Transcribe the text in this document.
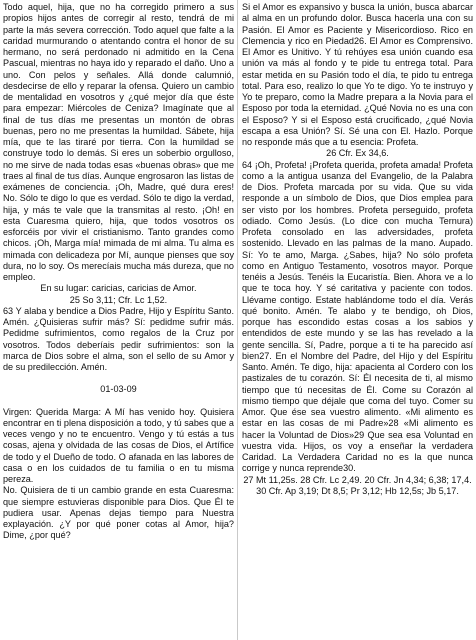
Todo aquel, hija, que no ha corregido primero a sus propios hijos antes de corregir al resto, tendrá de mi parte la más severa corrección. Todo aquel que falte a la caridad murmurando o atentando contra el honor de su hermano, no será perdonado ni admitido en la Cena Pascual, mientras no haya ido y reparado el daño. Uno a uno. Con pelos y señales. Allá donde calumnió, desdecirse de ello y reparar la ofensa. Quiero un cambio de mentalidad en vosotros y ¿qué mejor día que éste para empezar: Miércoles de Ceniza? Imagínate que al final de tus días me presentas un montón de obras buenas, pero no me presentas la humildad. Sábete, hija mía, que te las tiraré por tierra. Con la humildad se construye todo lo demás. Si eres un soberbio orgulloso, no me sirve de nada todas esas «buenas obras» que me traes al final de tus días. Aunque engrosaron las listas de exámenes de conciencia. ¡Oh, Madre, qué dura eres! No. Sólo te digo lo que es verdad. Sólo te digo la verdad, hija, y más te vale que la transmitas al resto. ¡Oh! en esta Cuaresma quiero, hija, que todos vosotros os esforcéis por vivir el cristianismo. Tanto grandes como chicos. ¡Oh, Marga mía! mimada de mi alma. Tu alma es mimada con delicadeza por Mí, aunque pienses que soy dura, no lo soy. Os merecíais mucha más dureza, que no empleo.

En su lugar: caricias, caricias de Amor.

25 So 3,11; Cfr. Lc 1,52.

63 Y alaba y bendice a Dios Padre, Hijo y Espíritu Santo. Amén. ¿Quisieras sufrir más? Sí: pedidme sufrir más. Pedidme sufrimientos, como regalos de la Cruz por vosotros. Todos deberíais pedir sufrimientos: son la marca de Dios sobre el alma, son el sello de su Amor y de su predilección. Amén.

01-03-09

Virgen: Querida Marga: A Mí has venido hoy. Quisiera encontrar en ti plena disposición a todo, y tú sabes que a veces vengo y no te encuentro. Vengo y tú estás a tus cosas, ajena y olvidada de las cosas de Dios, el Artífice de todo y el Dueño de todo. O afanada en las labores de casa o en los cuidados de tu familia o en tu misma pereza.

No. Quisiera de ti un cambio grande en esta Cuaresma: que siempre estuvieras disponible para Dios. Que Él te pudiera usar. Apenas dejas tiempo para Nuestra explayación. ¿Y por qué poner cotas al Amor, hija? Dime, ¿por qué?

Si el Amor es expansivo y busca la unión, busca abarcar al alma en un profundo dolor. Busca hacerla una con su Pasión. El Amor es Paciente y Misericordioso. Rico en Clemencia y rico en Piedad26. El Amor es Comprensivo. El Amor es Unitivo. Y tú rehúyes esa unión cuando esa unión va más al fondo y te pide tu entrega total. Para estar metida en su Pasión todo el día, te pido tu entrega total. Para eso, realizo lo que Yo te digo. Yo te instruyo y Yo te preparo, como la Madre prepara a la Novia para el Esposo por toda la eternidad. ¿Qué Novia no es una con el Esposo? Y si el Esposo está crucificado, ¿qué Novia escapa a esa Unión? Sí. Sé una con El. Hazlo. Porque no responde más que a tu esencia: Profeta.

26 Cfr. Ex 34,6.

64 ¡Oh, Profeta! ¡Profeta querida, profeta amada! Profeta como a la antigua usanza del Evangelio, de la Palabra de Dios. Profeta marcada por su vida. Que su vida responde a un símbolo de Dios, que Dios emplea para ser visto por los hombres. Profeta perseguido, profeta odiado. Como Jesús. (Lo dice con mucha Ternura) Profeta consolado en las adversidades, profeta sostenido. Llevado en las palmas de la mano. Aupado. Sí: Yo te amo, Marga. ¿Sabes, hija? No sólo profeta como en Antiguo Testamento, vosotros mayor. Porque tenéis a Jesús. Tenéis la Eucaristía. Bien. Ahora ve a lo que te toca hoy. Y sé caritativa y paciente con todos. Llévame contigo. Estate hablándome todo el día. Verás qué bonito. Amén. Te alabo y te bendigo, oh Dios, porque has escondido estas cosas a los sabios y entendidos de este mundo y se las has revelado a la gente sencilla. Sí, Padre, porque a ti te ha parecido así bien27. En el Nombre del Padre, del Hijo y del Espíritu Santo. Amén. Te digo, hija: apacienta al Cordero con los pastizales de tu corazón. Sí: Él necesita de ti, al mismo tiempo que tú necesitas de Él. Come su Corazón al mismo tiempo que déjale que coma del tuyo. Comer su Amor. Que ése sea vuestro alimento. «Mi alimento es estar en las cosas de mi Padre»28 «Mi alimento es hacer la Voluntad de Dios»29 Que sea esa Voluntad en vuestra vida. Hijos, os voy a enseñar la verdadera Caridad. La Verdadera Caridad no es la que nunca corrige y nunca reprende30.

27 Mt 11,25s. 28 Cfr. Lc 2,49. 20 Cfr. Jn 4,34; 6,38; 17,4. 30 Cfr. Ap 3,19; Dt 8,5; Pr 3,12; Hb 12,5s; Jb 5,17.
